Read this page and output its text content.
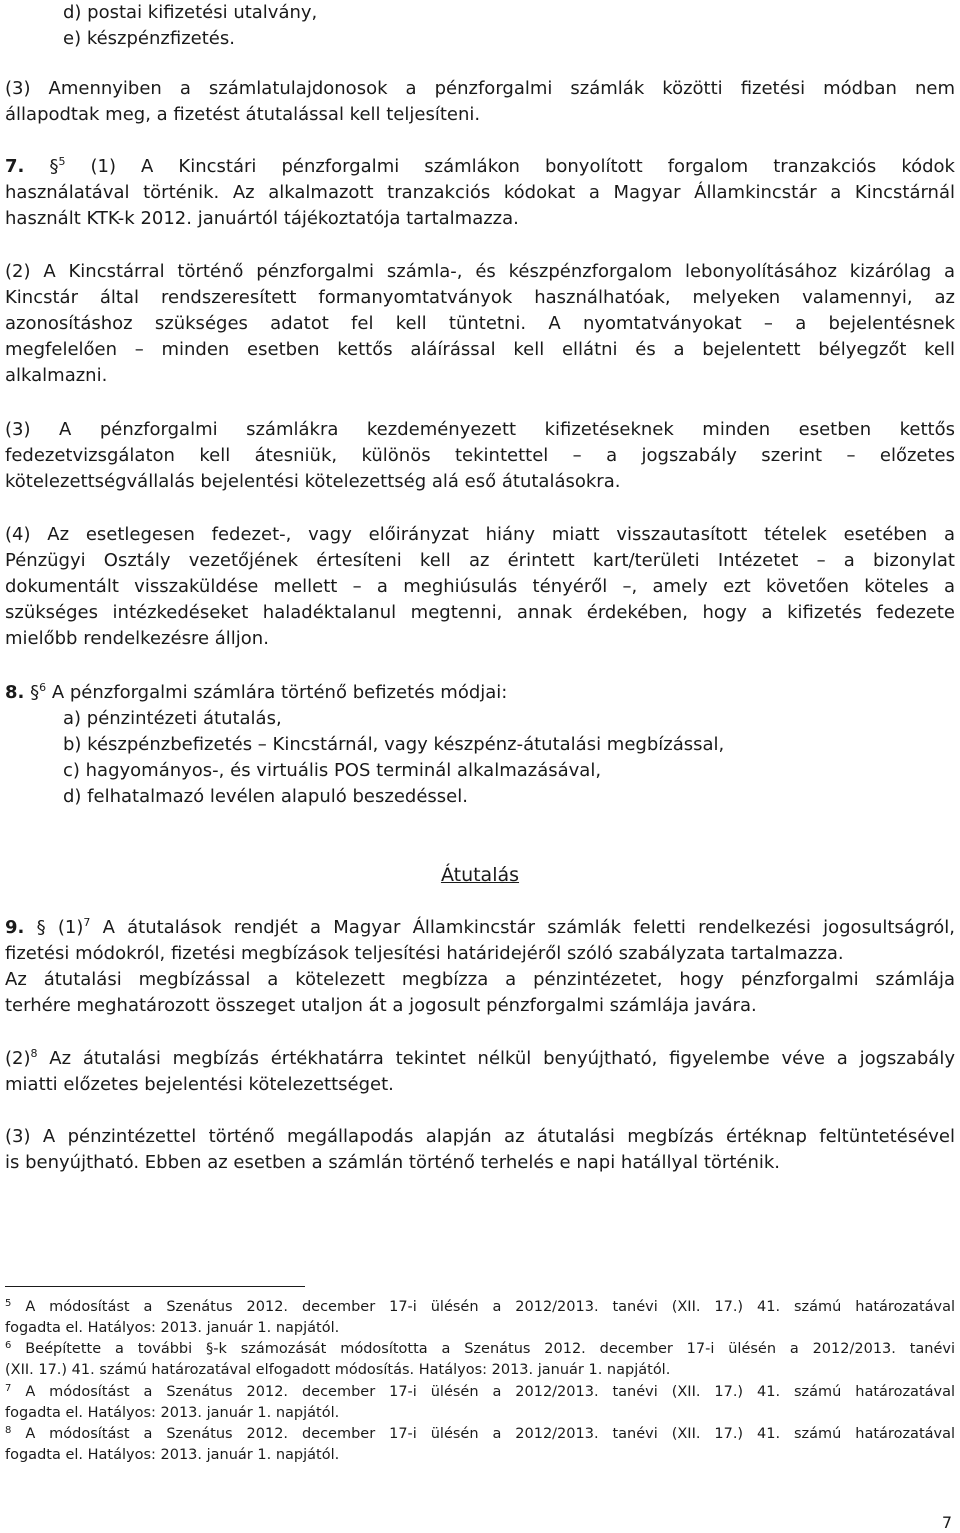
d) postai kifizetési utalvány,
e) készpénzfizetés.
(3) Amennyiben a számlatulajdonosok a pénzforgalmi számlák közötti fizetési módban nem
állapodtak meg, a fizetést átutalással kell teljesíteni.
7. §$^5$ (1) A Kincstári pénzforgalmi számlákon bonyolított forgalom tranzakciós kódok
használatával történik. Az alkalmazott tranzakciós kódokat a Magyar Államkincstár a Kincstárnál
használt KTK-k 2012. januártól tájékoztatója tartalmazza.
(2) A Kincstárral történő pénzforgalmi számla-, és készpénzforgalom lebonyolításához kizárólag a
Kincstár által rendszeresített formanyomtatványok használhatóak, melyeken valamennyi, az
azonosításhoz szükséges adatot fel kell tüntetni. A nyomtatványokat – a bejelentésnek
megfelelően – minden esetben kettős aláírással kell ellátni és a bejelentett bélyegzőt kell
alkalmazni.
(3) A pénzforgalmi számlákra kezdeményezett kifizetéseknek minden esetben kettős
fedezetvizsgálaton kell átesniük, különös tekintettel – a jogszabály szerint – előzetes
kötelezettségvállalás bejelentési kötelezettség alá eső átutalásokra.
(4) Az esetlegesen fedezet-, vagy előirányzat hiány miatt visszautasított tételek esetében a
Pénzügyi Osztály vezetőjének értesíteni kell az érintett kart/területi Intézetet – a bizonylat
dokumentált visszaküldése mellett – a meghiúsulás tényéről –, amely ezt követően köteles a
szükséges intézkedéseket haladéktalanul megtenni, annak érdekében, hogy a kifizetés fedezete
mielőbb rendelkezésre álljon.
8. §$^6$ A pénzforgalmi számlára történő befizetés módjai:
a) pénzintézeti átutalás,
b) készpénzbefizetés – Kincstárnál, vagy készpénz-átutalási megbízással,
c) hagyományos-, és virtuális POS terminál alkalmazásával,
d) felhatalmazó levélen alapuló beszedéssel.
Átutalás
9. § $(1)^7$ A átutalások rendjét a Magyar Államkincstár számlák feletti rendelkezési jogosultságról,
fizetési módokról, fizetési megbízások teljesítési határidejéről szóló szabályzata tartalmazza.
Az átutalási megbízással a kötelezett megbízza a pénzintézetet, hogy pénzforgalmi számlája
terhére meghatározott összeget utaljon át a jogosult pénzforgalmi számlája javára.
$(2)^8$ Az átutalási megbízás értékhatárra tekintet nélkül benyújtható, figyelembe véve a jogszabály
miatti előzetes bejelentési kötelezettséget.
(3) A pénzintézettel történő megállapodás alapján az átutalási megbízás értéknap feltüntetésével
is benyújtható. Ebben az esetben a számlán történő terhelés e napi hatállyal történik.
$^5$ A módosítást a Szenátus 2012. december 17-i ülésén a 2012/2013. tanévi (XII. 17.) 41. számú határozatával
fogadta el. Hatályos: 2013. január 1. napjától.
$^6$ Beépítette a további §-k számozását módosította a Szenátus 2012. december 17-i ülésén a 2012/2013. tanévi
(XII. 17.) 41. számú határozatával elfogadott módosítás. Hatályos: 2013. január 1. napjától.
$^7$ A módosítást a Szenátus 2012. december 17-i ülésén a 2012/2013. tanévi (XII. 17.) 41. számú határozatával
fogadta el. Hatályos: 2013. január 1. napjától.
$^8$ A módosítást a Szenátus 2012. december 17-i ülésén a 2012/2013. tanévi (XII. 17.) 41. számú határozatával
fogadta el. Hatályos: 2013. január 1. napjától.
7
